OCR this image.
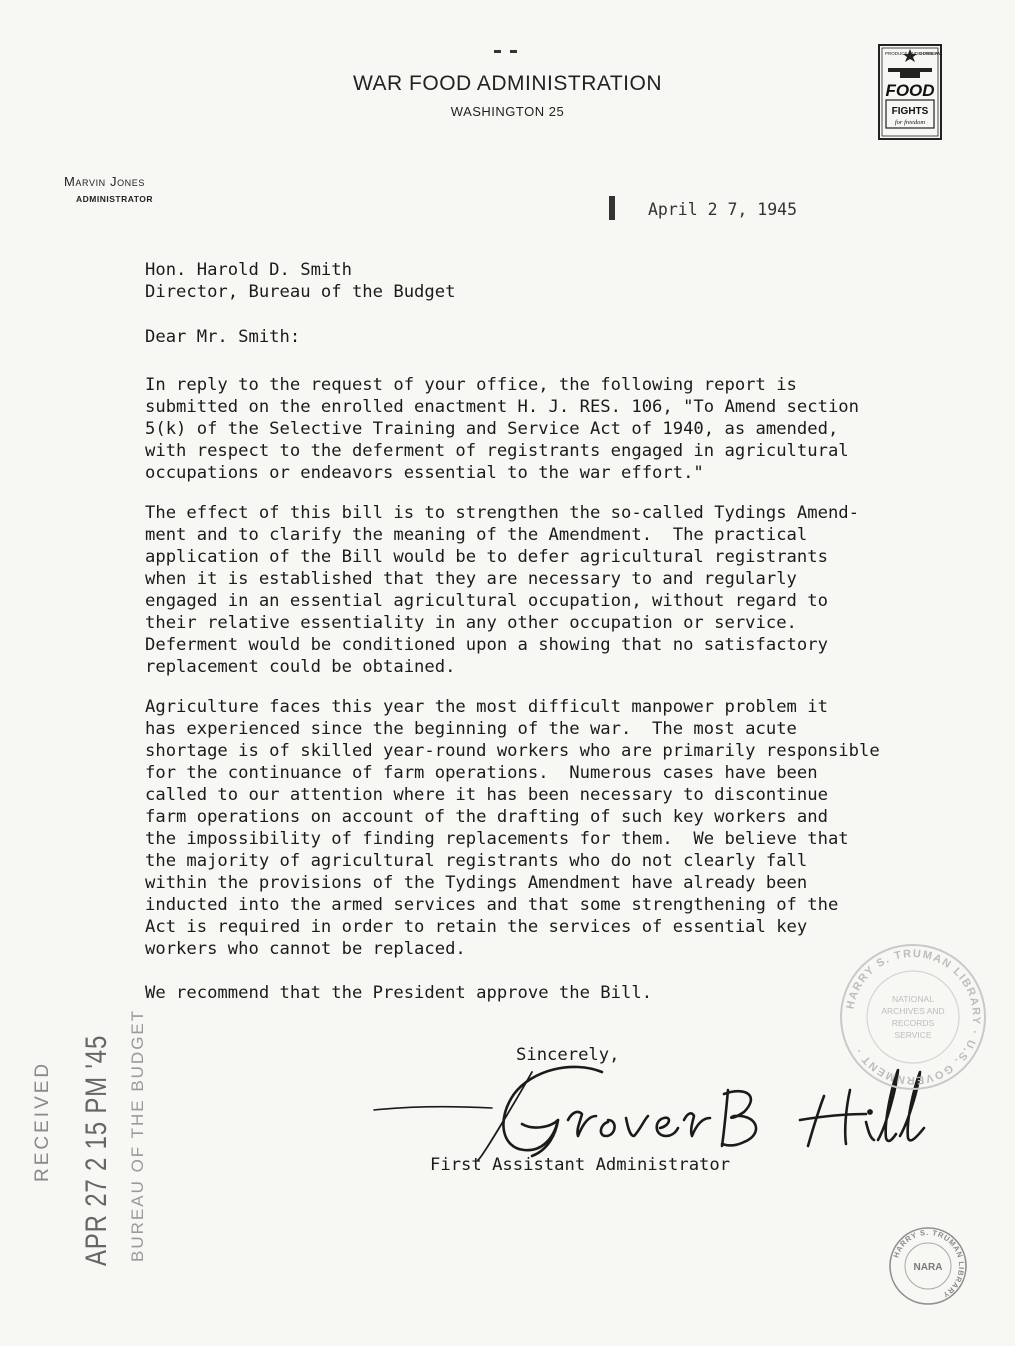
WAR FOOD ADMINISTRATION
WASHINGTON 25
Marvin Jones
ADMINISTRATOR
PRODUCE AND CONSERVE
SHARE AN
FOOD
FIGHTS
for freedom
April 2 7, 1945
Hon. Harold D. Smith
Director, Bureau of the Budget
Dear Mr. Smith:
In reply to the request of your office, the following report is
submitted on the enrolled enactment H. J. RES. 106, "To Amend section
5(k) of the Selective Training and Service Act of 1940, as amended,
with respect to the deferment of registrants engaged in agricultural
occupations or endeavors essential to the war effort."
The effect of this bill is to strengthen the so-called Tydings Amend-
ment and to clarify the meaning of the Amendment.  The practical
application of the Bill would be to defer agricultural registrants
when it is established that they are necessary to and regularly
engaged in an essential agricultural occupation, without regard to
their relative essentiality in any other occupation or service.
Deferment would be conditioned upon a showing that no satisfactory
replacement could be obtained.
Agriculture faces this year the most difficult manpower problem it
has experienced since the beginning of the war.  The most acute
shortage is of skilled year-round workers who are primarily responsible
for the continuance of farm operations.  Numerous cases have been
called to our attention where it has been necessary to discontinue
farm operations on account of the drafting of such key workers and
the impossibility of finding replacements for them.  We believe that
the majority of agricultural registrants who do not clearly fall
within the provisions of the Tydings Amendment have already been
inducted into the armed services and that some strengthening of the
Act is required in order to retain the services of essential key
workers who cannot be replaced.
We recommend that the President approve the Bill.
Sincerely,
First Assistant Administrator
RECEIVED APR 27 2 15 PM '45 BUREAU OF THE BUDGET
HARRY S. TRUMAN LIBRARY · U.S. GOVERNMENT ·
NATIONAL
ARCHIVES AND
RECORDS
SERVICE
HARRY S. TRUMAN LIBRARY
NARA
